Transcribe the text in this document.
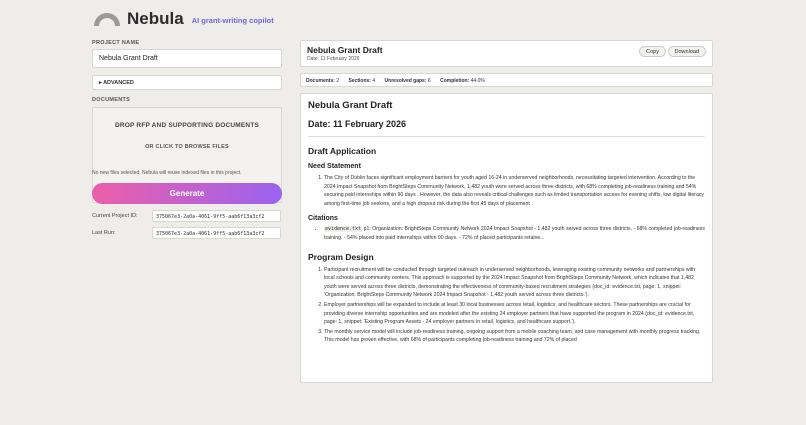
Nebula AI grant-writing copilot
PROJECT NAME
Nebula Grant Draft
▸ ADVANCED
DOCUMENTS
DROP RFP AND SUPPORTING DOCUMENTS
OR CLICK TO BROWSE FILES
No new files selected. Nebula will reuse indexed files in this project.
Generate
Current Project ID:	375067e3-2a0a-4061-9ff5-aab6f13a3cf2
Last Run:	375067e3-2a0a-4061-9ff5-aab6f13a3cf2
Nebula Grant Draft
Date: 11 February 2026
Copy	Download
Documents: 2 Sections: 4 Unresolved gaps: 6 Completion: 44.0%
Nebula Grant Draft
Date: 11 February 2026
Draft Application
Need Statement
1. The City of Dublin faces significant employment barriers for youth aged 16-24 in underserved neighborhoods, necessitating targeted intervention. According to the 2024 Impact Snapshot from BrightSteps Community Network, 1,482 youth were served across three districts, with 68% completing job-readiness training and 54% securing paid internships within 90 days . However, the data also reveals critical challenges such as limited transportation access for evening shifts, low digital literacy among first-time job seekers, and a high dropout risk during the first 45 days of placement .
Citations
• evidence.txt p1: Organization: BrightSteps Community Network 2024 Impact Snapshot - 1,482 youth served across three districts. - 68% completed job-readiness training. - 54% placed into paid internships within 90 days. - 72% of placed participants retaine...
Program Design
1. Participant recruitment will be conducted through targeted outreach in underserved neighborhoods, leveraging existing community networks and partnerships with local schools and community centers. This approach is supported by the 2024 Impact Snapshot from BrightSteps Community Network, which indicates that 1,482 youth were served across three districts, demonstrating the effectiveness of community-based recruitment strategies (doc_id: evidence.txt, page: 1, snippet: 'Organization: BrightSteps Community Network 2024 Impact Snapshot - 1,482 youth served across three districts.').
2. Employer partnerships will be expanded to include at least 30 local businesses across retail, logistics, and healthcare sectors. These partnerships are crucial for providing diverse internship opportunities and are modeled after the existing 24 employer partners that have supported the program in 2024 (doc_id: evidence.txt, page: 1, snippet: 'Existing Program Assets - 24 employer partners in retail, logistics, and healthcare support.').
3. The monthly service model will include job-readiness training, ongoing support from a mobile coaching team, and case management with monthly progress tracking. This model has proven effective, with 68% of participants completing job-readiness training and 72% of placed
